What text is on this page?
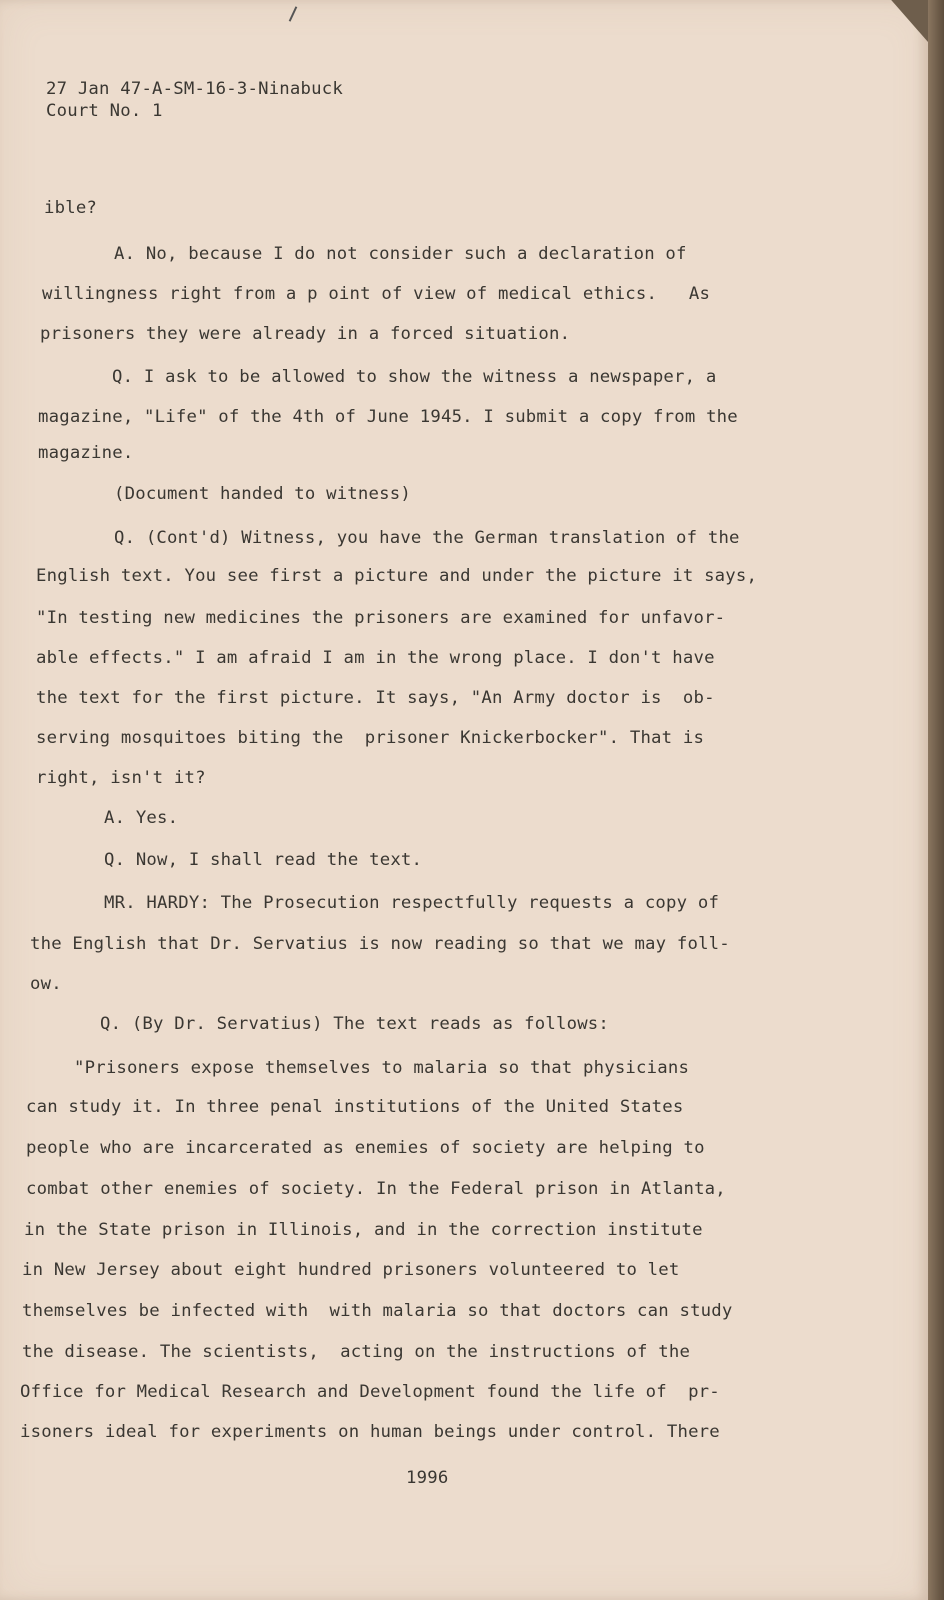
27 Jan 47-A-SM-16-3-Ninabuck
Court No. 1

ible?

A. No, because I do not consider such a declaration of

willingness right from a p oint of view of medical ethics.   As

prisoners they were already in a forced situation.

Q. I ask to be allowed to show the witness a newspaper, a

magazine, "Life" of the 4th of June 1945. I submit a copy from the

magazine.

(Document handed to witness)

Q. (Cont'd) Witness, you have the German translation of the

English text. You see first a picture and under the picture it says,

"In testing new medicines the prisoners are examined for unfavor-

able effects." I am afraid I am in the wrong place. I don't have

the text for the first picture. It says, "An Army doctor is  ob-

serving mosquitoes biting the  prisoner Knickerbocker". That is

right, isn't it?

A. Yes.

Q. Now, I shall read the text.

MR. HARDY: The Prosecution respectfully requests a copy of

the English that Dr. Servatius is now reading so that we may foll-

ow.

Q. (By Dr. Servatius) The text reads as follows:

"Prisoners expose themselves to malaria so that physicians

can study it. In three penal institutions of the United States

people who are incarcerated as enemies of society are helping to

combat other enemies of society. In the Federal prison in Atlanta,

in the State prison in Illinois, and in the correction institute

in New Jersey about eight hundred prisoners volunteered to let

themselves be infected with  with malaria so that doctors can study

the disease. The scientists,  acting on the instructions of the

Office for Medical Research and Development found the life of  pr-

isoners ideal for experiments on human beings under control. There

1996
